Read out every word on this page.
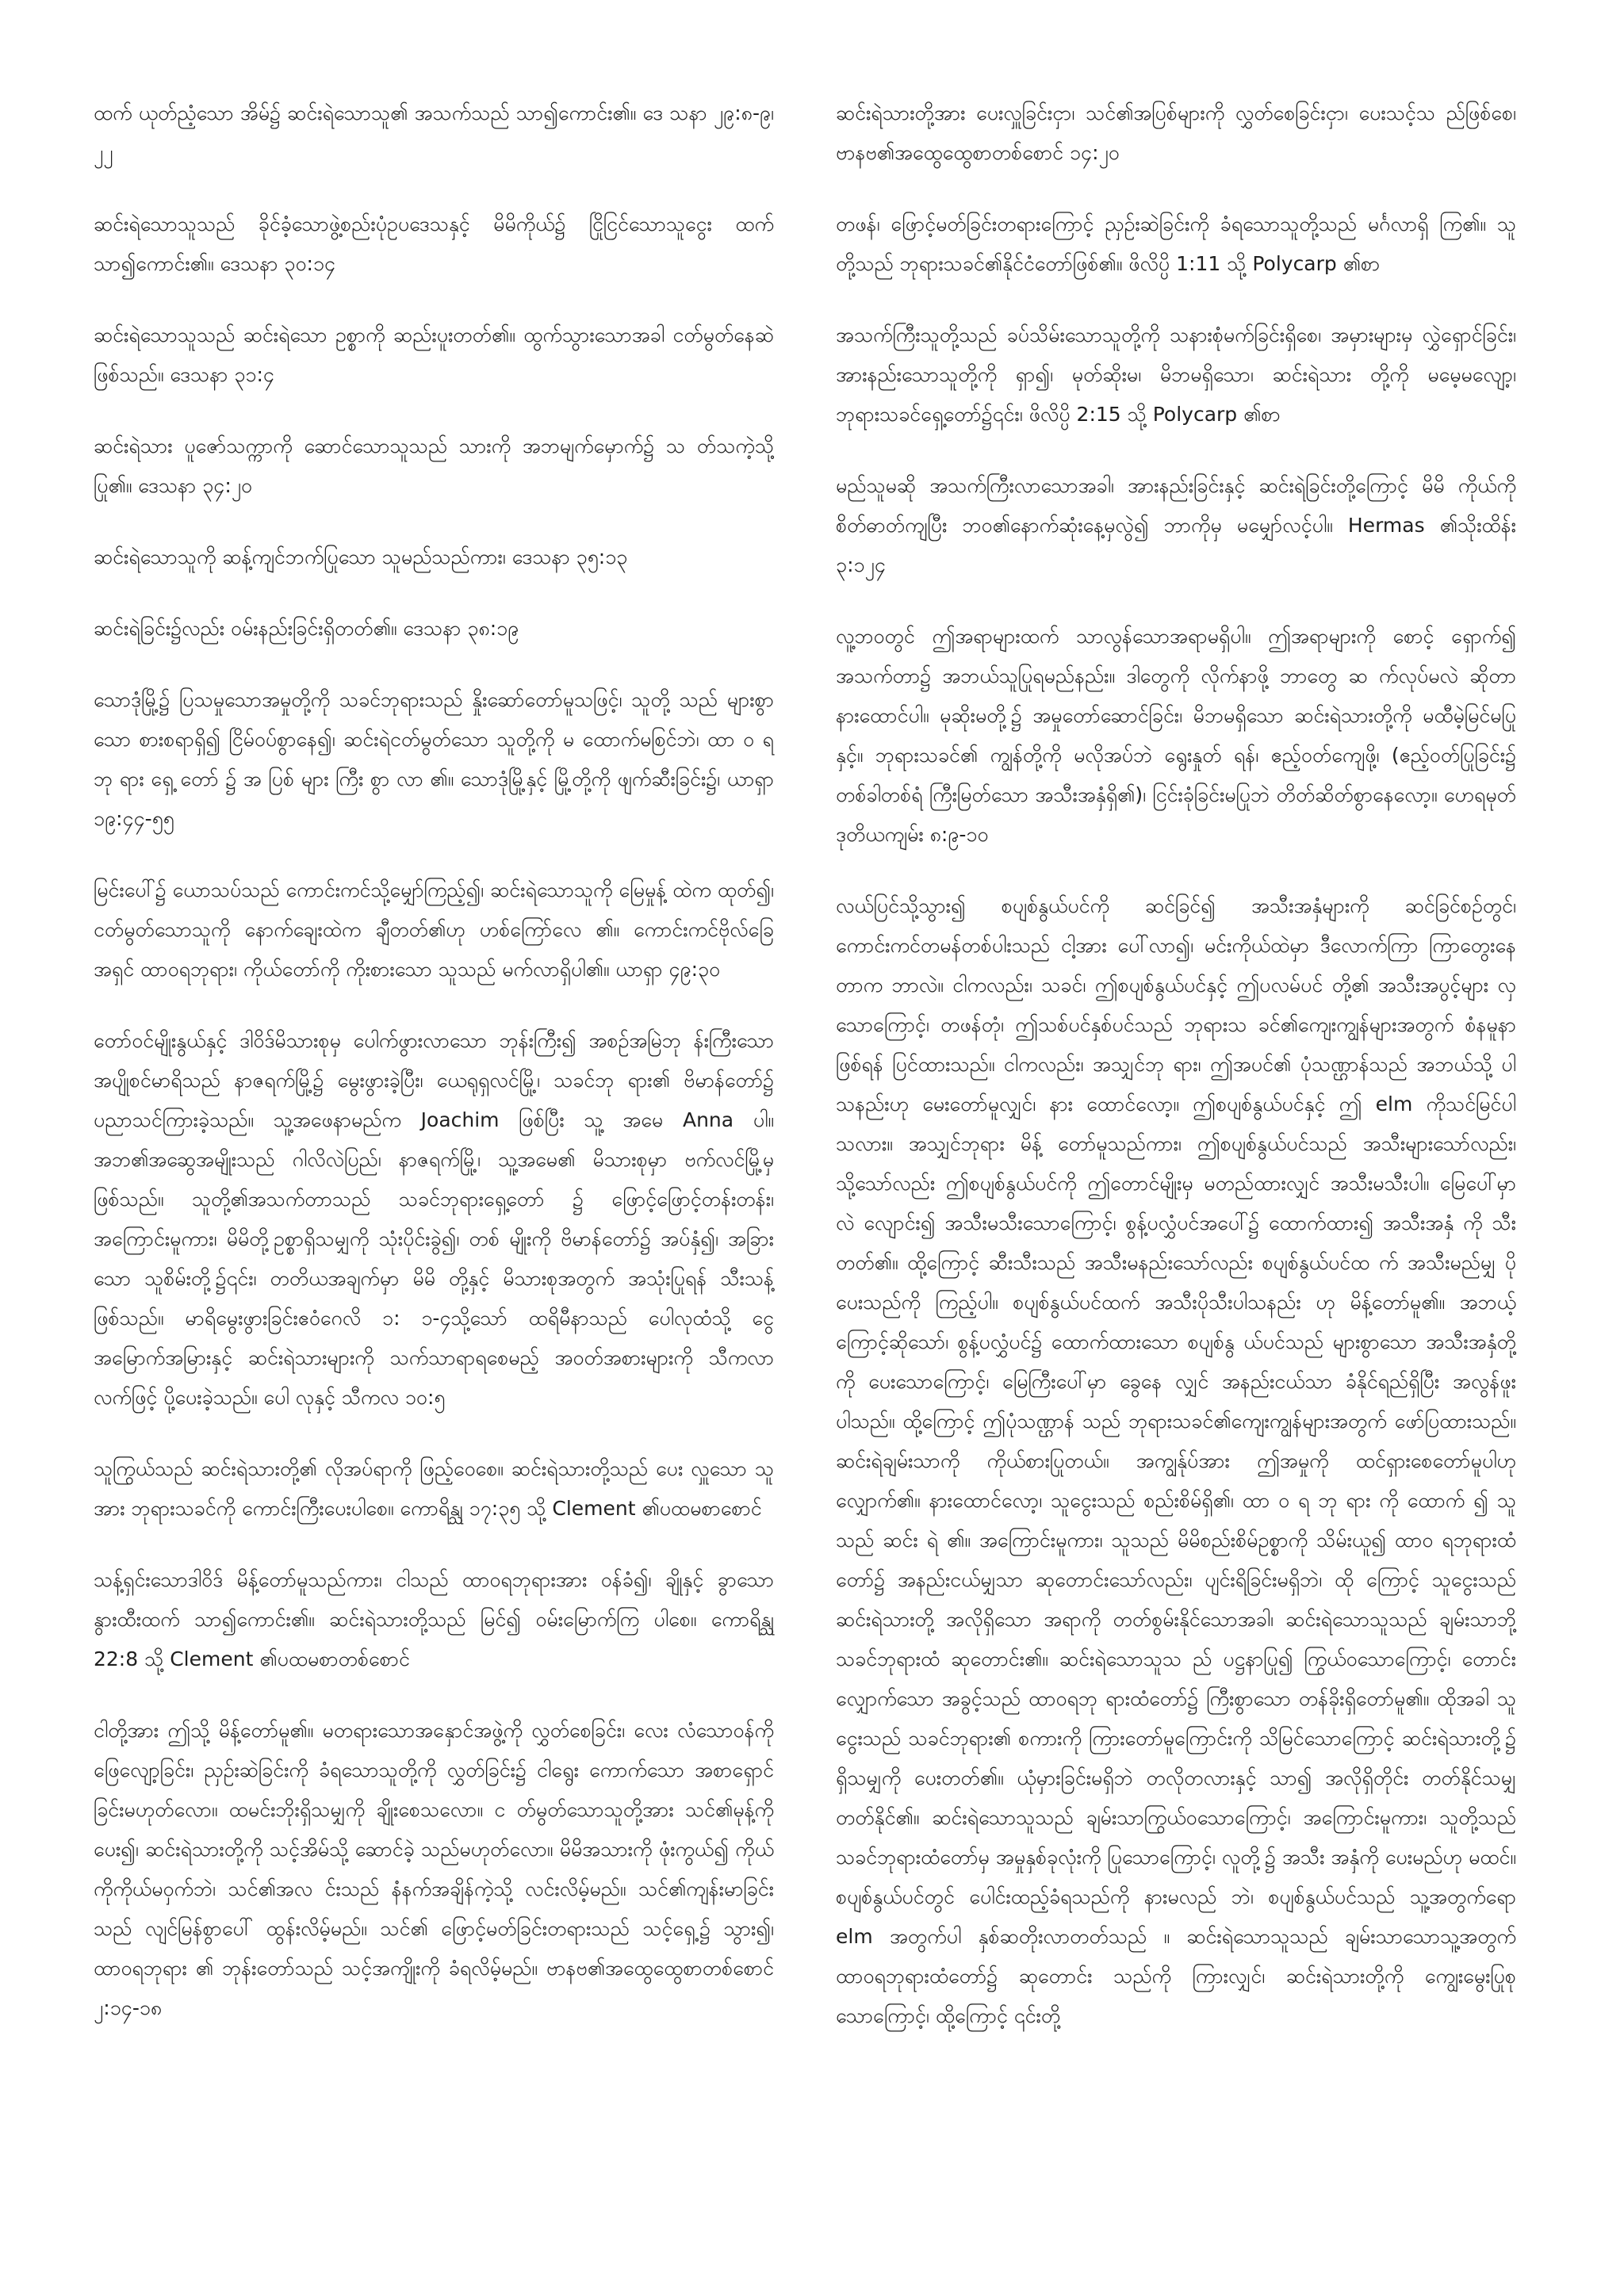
ထက် ယုတ်ညံ့သော အိမ်၌ ဆင်းရဲသောသူ၏ အသက်သည် သာ၍ကောင်း၏။ ဒေ သနာ ၂၉:၈-၉၊၂၂

ဆင်းရဲသောသူသည် ခိုင်ခံ့သောဖွဲ့စည်းပုံဥပဒေသနှင့် မိမိကိုယ်၌ ငြိုငြင်သောသူငွေး ထက် သာ၍ကောင်း၏။ ဒေသနာ ၃၀:၁၄

ဆင်းရဲသောသူသည် ဆင်းရဲသော ဥစ္စာကို ဆည်းပူးတတ်၏။ ထွက်သွားသောအခါ ငတ်မွတ်နေဆဲဖြစ်သည်။ ဒေသနာ ၃၁:၄

ဆင်းရဲသား ပူဇော်သက္ကာကို ဆောင်သောသူသည် သားကို အဘမျက်မှောက်၌ သ တ်သကဲ့သို့ပြု၏။ ဒေသနာ ၃၄:၂၀

ဆင်းရဲသောသူကို ဆန့်ကျင်ဘက်ပြုသော သူမည်သည်ကား၊ ဒေသနာ ၃၅:၁၃

ဆင်းရဲခြင်း၌လည်း ဝမ်းနည်းခြင်းရှိတတ်၏။ ဒေသနာ ၃၈:၁၉

သောဒုံမြို့၌ ပြသမှုသောအမှုတို့ကို သခင်ဘုရားသည် နှိုးဆော်တော်မူသဖြင့်၊ သူတို့ သည် များစွာသော စားစရာရှိ၍ ငြိမ်ဝပ်စွာနေ၍၊ ဆင်းရဲငတ်မွတ်သော သူတို့ကို မ ထောက်မစြင်ဘဲ၊ ထာ ဝ ရ ဘု ရား ရှေ့ တော် ၌ အ ပြစ် များ ကြီး စွာ လာ ၏။ သောဒုံမြို့နှင့် မြို့တို့ကို ဖျက်ဆီးခြင်း၌၊ ယာရှာ ၁၉:၄၄-၅၅

မြင်းပေါ်၌ ယောသပ်သည် ကောင်းကင်သို့မျှော်ကြည့်၍၊ ဆင်းရဲသောသူကို မြေမှုန့် ထဲက ထုတ်၍၊ ငတ်မွတ်သောသူကို နောက်ချေးထဲက ချီတတ်၏ဟု ဟစ်ကြော်လေ ၏။ ကောင်းကင်ဗိုလ်ခြေအရှင် ထာဝရဘုရား၊ ကိုယ်တော်ကို ကိုးစားသော သူသည် မက်လာရှိပါ၏။ ယာရှာ ၄၉:၃၀

တော်ဝင်မျိုးနွယ်နှင့် ဒါဝိဒ်မိသားစုမှ ပေါက်ဖွားလာသော ဘုန်းကြီး၍ အစဉ်အမြဲဘု န်းကြီးသော အပျိုစင်မာရိသည် နာဇရက်မြို့၌ မွေးဖွားခဲ့ပြီး၊ ယေရုရှလင်မြို့၊ သခင်ဘု ရား၏ ဗိမာန်တော်၌ ပညာသင်ကြားခဲ့သည်။ သူ့အဖေနာမည်က Joachim ဖြစ်ပြီး သူ့ အမေ Anna ပါ။ အဘ၏အဆွေအမျိုးသည် ဂါလိလဲပြည်၊ နာဇရက်မြို့၊ သူ့အမေ၏ မိသားစုမှာ ဗက်လင်မြို့မှဖြစ်သည်။ သူတို့၏အသက်တာသည် သခင်ဘုရားရှေ့တော် ၌ ဖြောင့်ဖြောင့်တန်းတန်း၊ အကြောင်းမူကား၊ မိမိတို့ဥစ္စာရှိသမျှကို သုံးပိုင်းခွဲ၍၊ တစ် မျိုးကို ဗိမာန်တော်၌ အပ်နှံ၍၊ အခြားသော သူစိမ်းတို့၌၎င်း၊ တတိယအချက်မှာ မိမိ တို့နှင့် မိသားစုအတွက် အသုံးပြုရန် သီးသန့်ဖြစ်သည်။ မာရိမွေးဖွားခြင်းဧဝံဂေလိ ၁: ၁-၄သို့သော် ထရိမီနာသည် ပေါလုထံသို့ ငွေအမြောက်အမြားနှင့် ဆင်းရဲသားများကို သက်သာရာရစေမည့် အဝတ်အစားများကို သီကလာလက်ဖြင့် ပို့ပေးခဲ့သည်။ ပေါ လုနှင့် သီကလ ၁၀:၅

သူကြွယ်သည် ဆင်းရဲသားတို့၏ လိုအပ်ရာကို ဖြည့်ဝေစေ။ ဆင်းရဲသားတို့သည် ပေး လှူသော သူအား ဘုရားသခင်ကို ကောင်းကြီးပေးပါစေ။ ကောရိန္သု ၁၇:၃၅ သို့ Clement ၏ပထမစာစောင်

သန့်ရှင်းသောဒါဝိဒ် မိန့်တော်မူသည်ကား၊ ငါသည် ထာဝရဘုရားအား ဝန်ခံ၍၊ ချိုနှင့် ခွာသော နွားထီးထက် သာ၍ကောင်း၏။ ဆင်းရဲသားတို့သည် မြင်၍ ဝမ်းမြောက်ကြ ပါစေ။ ကောရိန္သု 22:8 သို့ Clement ၏ပထမစာတစ်စောင်

ငါတို့အား ဤသို့ မိန့်တော်မူ၏။ မတရားသောအနှောင်အဖွဲ့ကို လွှတ်စေခြင်း၊ လေး လံသောဝန်ကို ဖြေလျော့ခြင်း၊ ညှဉ်းဆဲခြင်းကို ခံရသောသူတို့ကို လွှတ်ခြင်း၌ ငါရွေး ကောက်သော အစာရှောင်ခြင်းမဟုတ်လော။ ထမင်းဘိုးရှိသမျှကို ချိုးစေသလော။ င တ်မွတ်သောသူတို့အား သင်၏မုန့်ကိုပေး၍၊ ဆင်းရဲသားတို့ကို သင့်အိမ်သို့ ဆောင်ခဲ့ သည်မဟုတ်လော။ မိမိအသားကို ဖုံးကွယ်၍ ကိုယ်ကိုကိုယ်မဝှက်ဘဲ၊ သင်၏အလ င်းသည် နံနက်အချိန်ကဲ့သို့ လင်းလိမ့်မည်။ သင်၏ကျန်းမာခြင်းသည် လျင်မြန်စွာပေါ် ထွန်းလိမ့်မည်။ သင်၏ ဖြောင့်မတ်ခြင်းတရားသည် သင့်ရှေ့၌ သွား၍၊ ထာဝရဘုရား ၏ ဘုန်းတော်သည် သင့်အကျိုးကို ခံရလိမ့်မည်။ ဗာနဗ၏အထွေထွေစာတစ်စောင် ၂:၁၄-၁၈

ဆင်းရဲသားတို့အား ပေးလှူခြင်းငှာ၊ သင်၏အပြစ်များကို လွှတ်စေခြင်းငှာ၊ ပေးသင့်သ ည်ဖြစ်စေ၊ ဗာနဗ၏အထွေထွေစာတစ်စောင် ၁၄:၂၀

တဖန်၊ ဖြောင့်မတ်ခြင်းတရားကြောင့် ညှဉ်းဆဲခြင်းကို ခံရသောသူတို့သည် မင်္ဂလာရှိ ကြ၏။ သူတို့သည် ဘုရားသခင်၏နိုင်ငံတော်ဖြစ်၏။ ဖိလိပ္ပိ 1:11 သို့ Polycarp ၏စာ

အသက်ကြီးသူတို့သည် ခပ်သိမ်းသောသူတို့ကို သနားစုံမက်ခြင်းရှိစေ၊ အမှားများမှ လွှဲရှောင်ခြင်း၊ အားနည်းသောသူတို့ကို ရှာ၍၊ မုတ်ဆိုးမ၊ မိဘမရှိသော၊ ဆင်းရဲသား တို့ကို မမေ့မလျော့၊ ဘုရားသခင်ရှေ့တော်၌၎င်း၊ ဖိလိပ္ပိ 2:15 သို့ Polycarp ၏စာ

မည်သူမဆို အသက်ကြီးလာသောအခါ၊ အားနည်းခြင်းနှင့် ဆင်းရဲခြင်းတို့ကြောင့် မိမိ ကိုယ်ကို စိတ်ဓာတ်ကျပြီး ဘဝ၏နောက်ဆုံးနေ့မှလွဲ၍ ဘာကိုမှ မမျှော်လင့်ပါ။ Hermas ၏သိုးထိန်း ၃:၁၂၄

လူ့ဘဝတွင် ဤအရာများထက် သာလွန်သောအရာမရှိပါ။ ဤအရာများကို စောင့် ရှောက်၍ အသက်တာ၌ အဘယ်သူပြုရမည်နည်း။ ဒါတွေကို လိုက်နာဖို့ ဘာတွေ ဆ က်လုပ်မလဲ ဆိုတာ နားထောင်ပါ။ မုဆိုးမတို့၌ အမှုတော်ဆောင်ခြင်း၊ မိဘမရှိသော ဆင်းရဲသားတို့ကို မထီမဲ့မြင်မပြုနှင့်။ ဘုရားသခင်၏ ကျွန်တို့ကို မလိုအပ်ဘဲ ရွေးနှုတ် ရန်၊ ဧည့်ဝတ်ကျေဖို့၊ (ဧည့်ဝတ်ပြုခြင်း၌ တစ်ခါတစ်ရံ ကြီးမြတ်သော အသီးအနှံရှိ၏)၊ ငြင်းခုံခြင်းမပြုဘဲ တိတ်ဆိတ်စွာနေလော့။ ဟေရမုတ်ဒုတိယကျမ်း ၈:၉-၁၀

လယ်ပြင်သို့သွား၍ စပျစ်နွယ်ပင်ကို ဆင်ခြင်၍ အသီးအနှံများကို ဆင်ခြင်စဉ်တွင်၊ ကောင်းကင်တမန်တစ်ပါးသည် ငါ့အား ပေါ်လာ၍၊ မင်းကိုယ်ထဲမှာ ဒီလောက်ကြာ ကြာတွေးနေတာက ဘာလဲ။ ငါကလည်း၊ သခင်၊ ဤစပျစ်နွယ်ပင်နှင့် ဤပလမ်ပင် တို့၏ အသီးအပွင့်များ လှသောကြောင့်၊ တဖန်တုံ၊ ဤသစ်ပင်နှစ်ပင်သည် ဘုရားသ ခင်၏ကျေးကျွန်များအတွက် စံနမူနာဖြစ်ရန် ပြင်ထားသည်။ ငါကလည်း၊ အသျှင်ဘု ရား၊ ဤအပင်၏ ပုံသဏ္ဌာန်သည် အဘယ်သို့ ပါသနည်းဟု မေးတော်မူလျှင်၊ နား ထောင်လော့။ ဤစပျစ်နွယ်ပင်နှင့် ဤ elm ကိုသင်မြင်ပါသလား။ အသျှင်ဘုရား မိန့် တော်မူသည်ကား၊ ဤစပျစ်နွယ်ပင်သည် အသီးများသော်လည်း၊ သို့သော်လည်း ဤစပျစ်နွယ်ပင်ကို ဤတောင်မျိုးမှ မတည်ထားလျှင် အသီးမသီးပါ။ မြေပေါ်မှာ လဲ လျောင်း၍ အသီးမသီးသောကြောင့်၊ စွန့်ပလွှံပင်အပေါ်၌ ထောက်ထား၍ အသီးအနှံ ကို သီးတတ်၏။ ထို့ကြောင့် ဆီးသီးသည် အသီးမနည်းသော်လည်း စပျစ်နွယ်ပင်ထ က် အသီးမည်မျှ ပိုပေးသည်ကို ကြည့်ပါ။ စပျစ်နွယ်ပင်ထက် အသီးပိုသီးပါသနည်း ဟု မိန့်တော်မူ၏။ အဘယ့်ကြောင့်ဆိုသော်၊ စွန့်ပလွှံပင်၌ ထောက်ထားသော စပျစ်နွ ယ်ပင်သည် များစွာသော အသီးအနှံတို့ကို ပေးသောကြောင့်၊ မြေကြီးပေါ်မှာ ခွေနေ လျှင် အနည်းငယ်သာ ခံနိုင်ရည်ရှိပြီး အလွန်ဖူးပါသည်။ ထို့ကြောင့် ဤပုံသဏ္ဌာန် သည် ဘုရားသခင်၏ကျေးကျွန်များအတွက် ဖော်ပြထားသည်။ ဆင်းရဲချမ်းသာကို ကိုယ်စားပြုတယ်။ အကျွန်ုပ်အား ဤအမှုကို ထင်ရှားစေတော်မူပါဟု လျှောက်၏။ နားထောင်လော့၊ သူငွေးသည် စည်းစိမ်ရှိ၏၊ ထာ ဝ ရ ဘု ရား ကို ထောက် ၍ သူ သည် ဆင်း ရဲ ၏။ အကြောင်းမူကား၊ သူသည် မိမိစည်းစိမ်ဥစ္စာကို သိမ်းယူ၍ ထာဝ ရဘုရားထံတော်၌ အနည်းငယ်မျှသာ ဆုတောင်းသော်လည်း၊ ပျင်းရိခြင်းမရှိဘဲ၊ ထို ကြောင့် သူငွေးသည် ဆင်းရဲသားတို့ အလိုရှိသော အရာကို တတ်စွမ်းနိုင်သောအခါ၊ ဆင်းရဲသောသူသည် ချမ်းသာဘို့ သခင်ဘုရားထံ ဆုတောင်း၏။ ဆင်းရဲသောသူသ ည် ပဋ္ဌနာပြု၍ ကြွယ်ဝသောကြောင့်၊ တောင်းလျှောက်သော အခွင့်သည် ထာဝရဘု ရားထံတော်၌ ကြီးစွာသော တန်ခိုးရှိတော်မူ၏။ ထိုအခါ သူငွေးသည် သခင်ဘုရား၏ စကားကို ကြားတော်မူကြောင်းကို သိမြင်သောကြောင့် ဆင်းရဲသားတို့၌ ရှိသမျှကို ပေးတတ်၏။ ယုံမှားခြင်းမရှိဘဲ တလိုတလားနှင့် သာ၍ အလိုရှိတိုင်း တတ်နိုင်သမျှ တတ်နိုင်၏။ ဆင်းရဲသောသူသည် ချမ်းသာကြွယ်ဝသောကြောင့်၊ အကြောင်းမူကား၊ သူတို့သည် သခင်ဘုရားထံတော်မှ အမှုနှစ်ခုလုံးကို ပြုသောကြောင့်၊ လူတို့၌ အသီး အနှံကို ပေးမည်ဟု မထင်။ စပျစ်နွယ်ပင်တွင် ပေါင်းထည့်ခံရသည်ကို နားမလည် ဘဲ၊ စပျစ်နွယ်ပင်သည် သူ့အတွက်ရော elm အတွက်ပါ နှစ်ဆတိုးလာတတ်သည် ။ ဆင်းရဲသောသူသည် ချမ်းသာသောသူ့အတွက် ထာဝရဘုရားထံတော်၌ ဆုတောင်း သည်ကို ကြားလျှင်၊ ဆင်းရဲသားတို့ကို ကျွေးမွေးပြုစုသောကြောင့်၊ ထို့ကြောင့် ၎င်းတို့
